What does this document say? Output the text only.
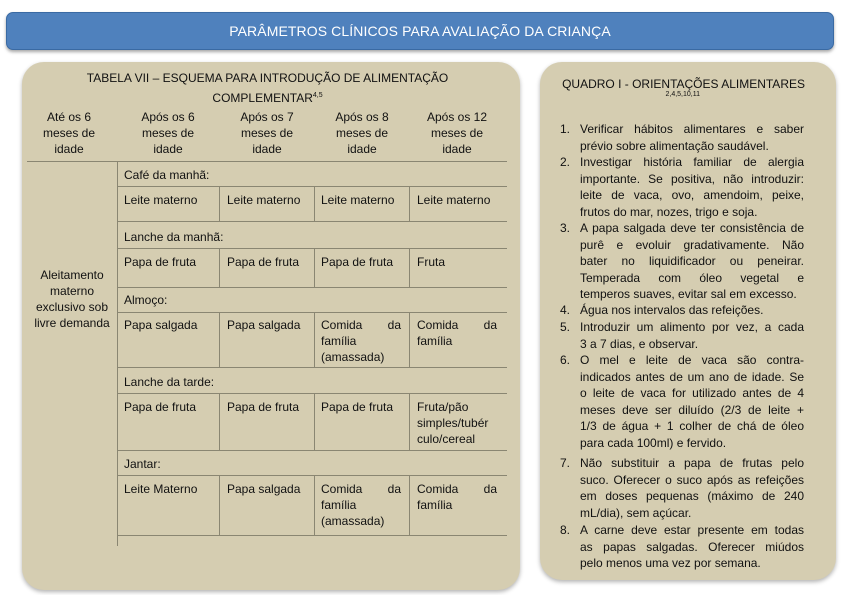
PARÂMETROS CLÍNICOS PARA AVALIAÇÃO DA CRIANÇA
TABELA VII – ESQUEMA PARA INTRODUÇÃO DE ALIMENTAÇÃO
COMPLEMENTAR$^{4,5}$
Até os 6
meses de
idade
Após os 6
meses de
idade
Após os 7
meses de
idade
Após os 8
meses de
idade
Após os 12
meses de
idade
Aleitamento
materno
exclusivo sob
livre demanda
Café da manhã:
Leite materno Leite materno Leite materno Leite materno
Lanche da manhã:
Papa de fruta	Papa de fruta Papa de fruta Fruta
Almoço:
Papa salgada Papa salgada Comida da
família
(amassada)
Comida da
família
Lanche da tarde:
Papa de fruta	Papa de fruta Papa de fruta Fruta/pão
simples/tubér
culo/cereal
Jantar:
Leite Materno Papa salgada Comida da
família
(amassada)
Comida da
família
QUADRO I - ORIENTAÇÕES ALIMENTARES
2,4,5,10,11
1. Verificar hábitos alimentares e saber
prévio sobre alimentação saudável.
2. Investigar história familiar de alergia
importante. Se positiva, não introduzir:
leite de vaca, ovo, amendoim, peixe,
frutos do mar, nozes, trigo e soja.
3. A papa salgada deve ter consistência de
purê e evoluir gradativamente. Não
bater no liquidificador ou peneirar.
Temperada com óleo vegetal e
temperos suaves, evitar sal em excesso.
4. Água nos intervalos das refeições.
5. Introduzir um alimento por vez, a cada
3 a 7 dias, e observar.
6. O mel e leite de vaca são contra-
indicados antes de um ano de idade. Se
o leite de vaca for utilizado antes de 4
meses deve ser diluído (2/3 de leite +
1/3 de água + 1 colher de chá de óleo
para cada 100ml) e fervido.
7. Não substituir a papa de frutas pelo
suco. Oferecer o suco após as refeições
em doses pequenas (máximo de 240
mL/dia), sem açúcar.
8. A carne deve estar presente em todas
as papas salgadas. Oferecer miúdos
pelo menos uma vez por semana.
